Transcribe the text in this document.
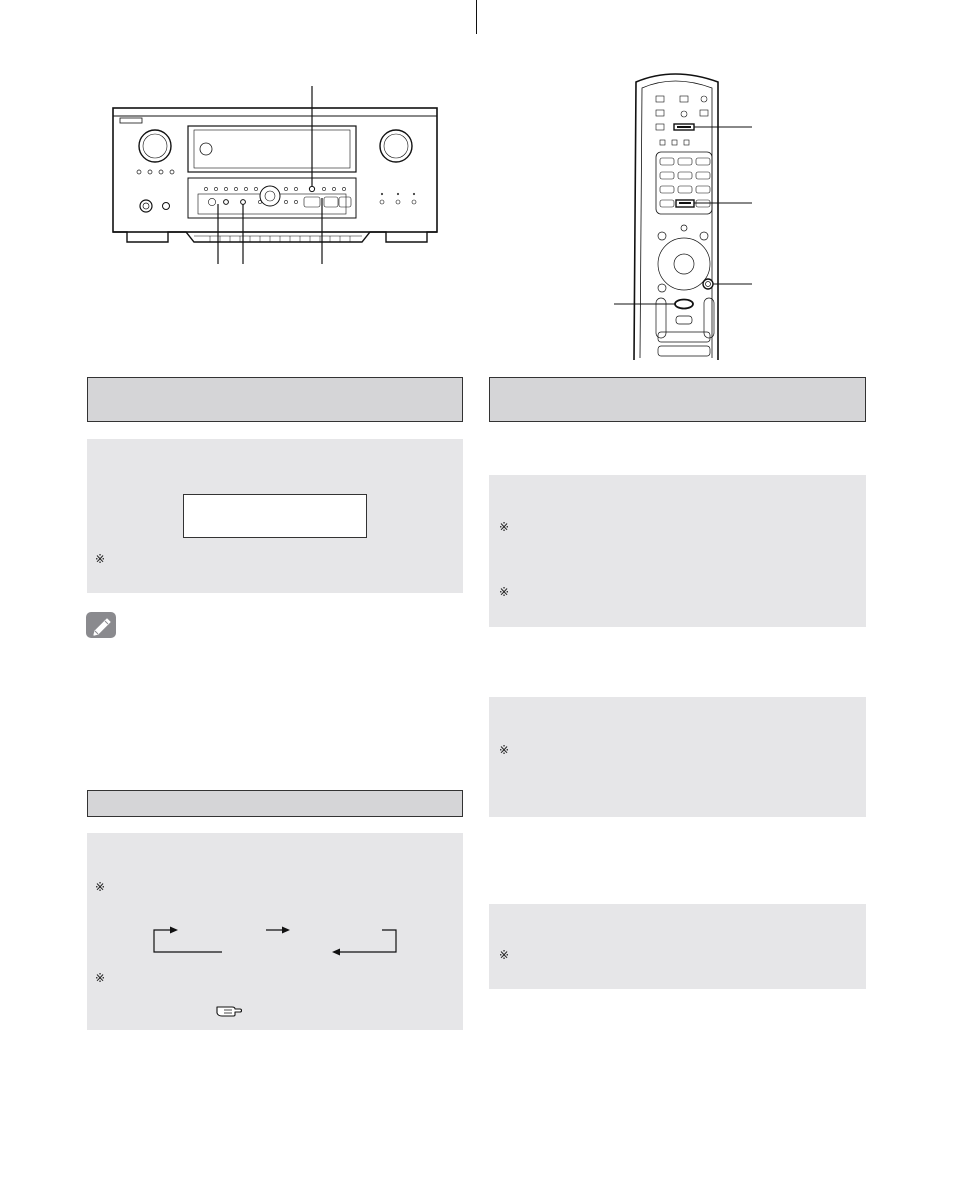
※
※
※
※
※
※
※
